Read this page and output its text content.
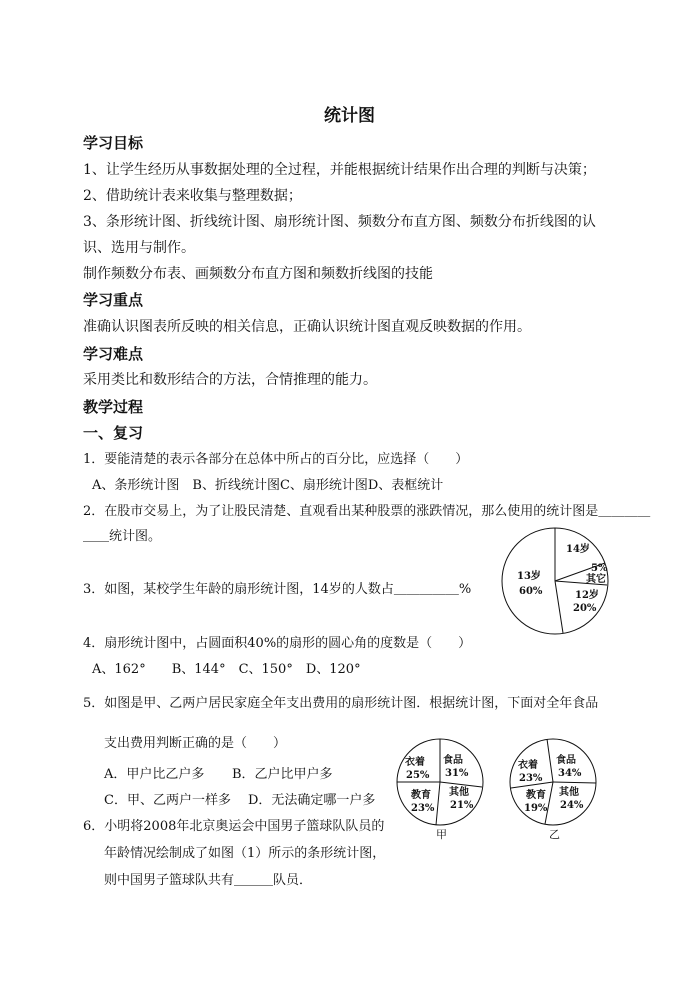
统计图
学习目标
1、让学生经历从事数据处理的全过程，并能根据统计结果作出合理的判断与决策；
2、借助统计表来收集与整理数据；
3、条形统计图、折线统计图、扇形统计图、频数分布直方图、频数分布折线图的认
识、选用与制作。
制作频数分布表、画频数分布直方图和频数折线图的技能
学习重点
准确认识图表所反映的相关信息，正确认识统计图直观反映数据的作用。
学习难点
采用类比和数形结合的方法，合情推理的能力。
教学过程
一、复习
1．要能清楚的表示各部分在总体中所占的百分比，应选择（　　）
A、条形统计图　B、折线统计图C、扇形统计图D、表框统计
2．在股市交易上，为了让股民清楚、直观看出某种股票的涨跌情况，那么使用的统计图是＿＿＿＿
＿＿统计图。
3．如图，某校学生年龄的扇形统计图，14岁的人数占＿＿＿＿＿%
4．扇形统计图中，占圆面积40%的扇形的圆心角的度数是（　　）
A、162°　　B、144°　C、150°　D、120°
5．如图是甲、乙两户居民家庭全年支出费用的扇形统计图．根据统计图，下面对全年食品
支出费用判断正确的是（　　）
A．甲户比乙户多 B．乙户比甲户多
C．甲、乙两户一样多 D．无法确定哪一户多
6．小明将2008年北京奥运会中国男子篮球队队员的
年龄情况绘制成了如图（1）所示的条形统计图，
则中国男子篮球队共有＿＿＿队员．
13岁
60%
14岁
5%
其它
12岁
20%
食品
31%
其他
21%
教育
23%
衣着
25%
甲
食品
34%
其他
24%
教育
19%
衣着
23%
乙
